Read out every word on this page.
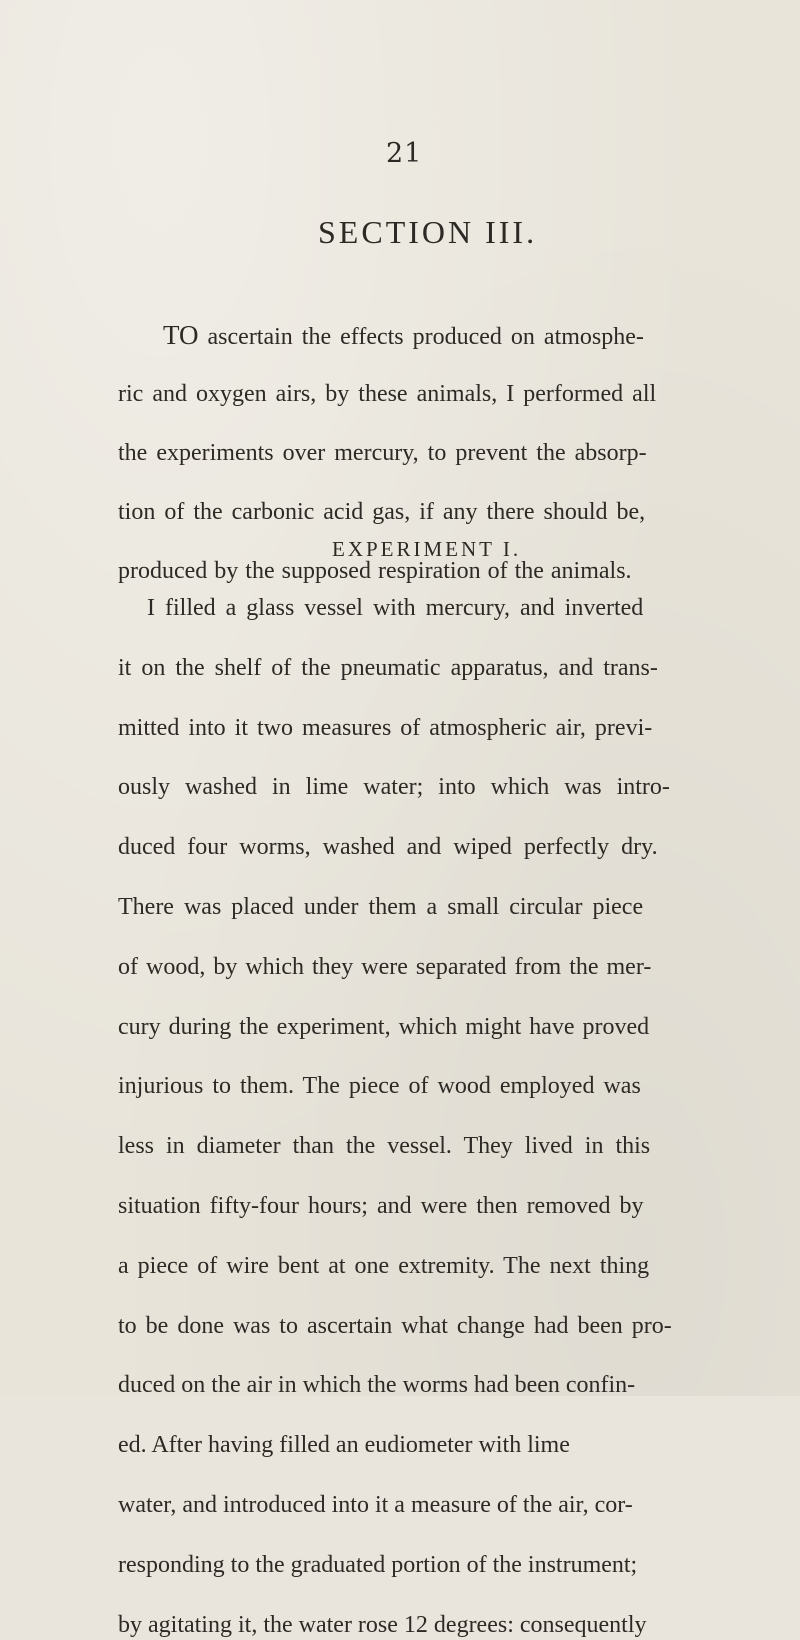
21
SECTION III.
TO ascertain the effects produced on atmosphe-
ric and oxygen airs, by these animals, I performed all
the experiments over mercury, to prevent the absorp-
tion of the carbonic acid gas, if any there should be,
produced by the supposed respiration of the animals.
EXPERIMENT I.
I filled a glass vessel with mercury, and inverted
it on the shelf of the pneumatic apparatus, and trans-
mitted into it two measures of atmospheric air, previ-
ously washed in lime water; into which was intro-
duced four worms, washed and wiped perfectly dry.
There was placed under them a small circular piece
of wood, by which they were separated from the mer-
cury during the experiment, which might have proved
injurious to them. The piece of wood employed was
less in diameter than the vessel. They lived in this
situation fifty-four hours; and were then removed by
a piece of wire bent at one extremity. The next thing
to be done was to ascertain what change had been pro-
duced on the air in which the worms had been confin-
ed. After having filled an eudiometer with lime
water, and introduced into it a measure of the air, cor-
responding to the graduated portion of the instrument;
by agitating it, the water rose 12 degrees: consequently
